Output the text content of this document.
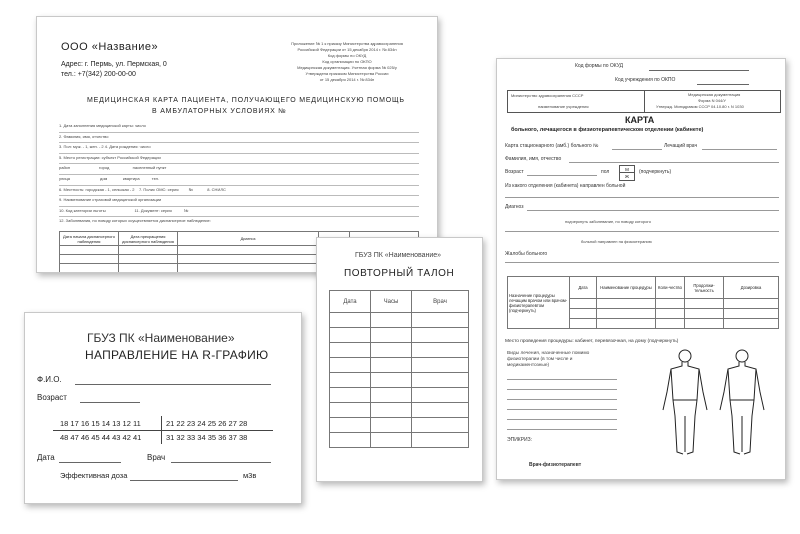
ООО «Название»
Адрес: г. Пермь, ул. Пермская, 0
тел.: +7(342) 200-00-00
Приложение № 1 к приказу Министерства здравоохранения
Российской Федерации от 15 декабря 2014 г. № 834н
Код формы по ОКУД
Код организации по ОКПО
Медицинская документация. Учетная форма № 025/у
Утверждена приказом Министерства России
от 15 декабря 2014 г. № 834н
МЕДИЦИНСКАЯ КАРТА ПАЦИЕНТА, ПОЛУЧАЮЩЕГО МЕДИЦИНСКУЮ ПОМОЩЬ
В АМБУЛАТОРНЫХ УСЛОВИЯХ №
1. Дата заполнения медицинской карты: число
2. Фамилия, имя, отчество
3. Пол: муж. - 1, жен. - 2 4. Дата рождения: число
5. Место регистрации: субъект Российской Федерации
район                          город                     населенный пункт
улица                           дом              квартира           тел.
6. Местность: городская - 1, сельская - 2    7. Полис ОМС: серия         №             8. СНИЛС
9. Наименование страховой медицинской организации
10. Код категории льготы                          11. Документ: серия           №
12. Заболевания, по поводу которых осуществляется диспансерное наблюдение:
Дата начала диспансерного наблюдения	Дата прекращения диспансерного наблюдения	Диагноз		

Код формы по ОКУД
Код учреждения по ОКПО
Министерство здравоохранения СССР
наименование учреждения
Медицинская документация
Форма N 044/У
Утвержд. Минздравом СССР 04.10.80 г. N 1030
КАРТА
больного, лечащегося в физиотерапевтическом отделении (кабинете)
Карта стационарного (амб.) больного №	Лечащий врач
Фамилия, имя, отчество
Возраст	пол	М
Ж
(подчеркнуть)
Из какого отделения (кабинета) направлен больной
Диагноз
подчеркнуть заболевание, по поводу которого
больной направлен на физиотерапию
Жалобы больного
Назначение процедуры лечащим врачом или врачом-физиотерапевтом (подчеркнуть)	Дата	Наименование процедуры	Коли-чество	Продолжи-тельность	Дозировка

Место проведения процедуры: кабинет, перевязочная, на дому (подчеркнуть)
Виды лечения, назначенные помимо физиотерапии (в том числе и медикаментозные)
ЭПИКРИЗ:
Врач-физиотерапевт
ГБУЗ ПК «Наименование»
ПОВТОРНЫЙ ТАЛОН
Дата	Часы	Врач

ГБУЗ ПК «Наименование»
НАПРАВЛЕНИЕ НА R-ГРАФИЮ
Ф.И.О.
Возраст
18 17 16 15 14 13 12 11	21 22 23 24 25 26 27 28
48 47 46 45 44 43 42 41	31 32 33 34 35 36 37 38
Дата	Врач
Эффективная доза	м3в
